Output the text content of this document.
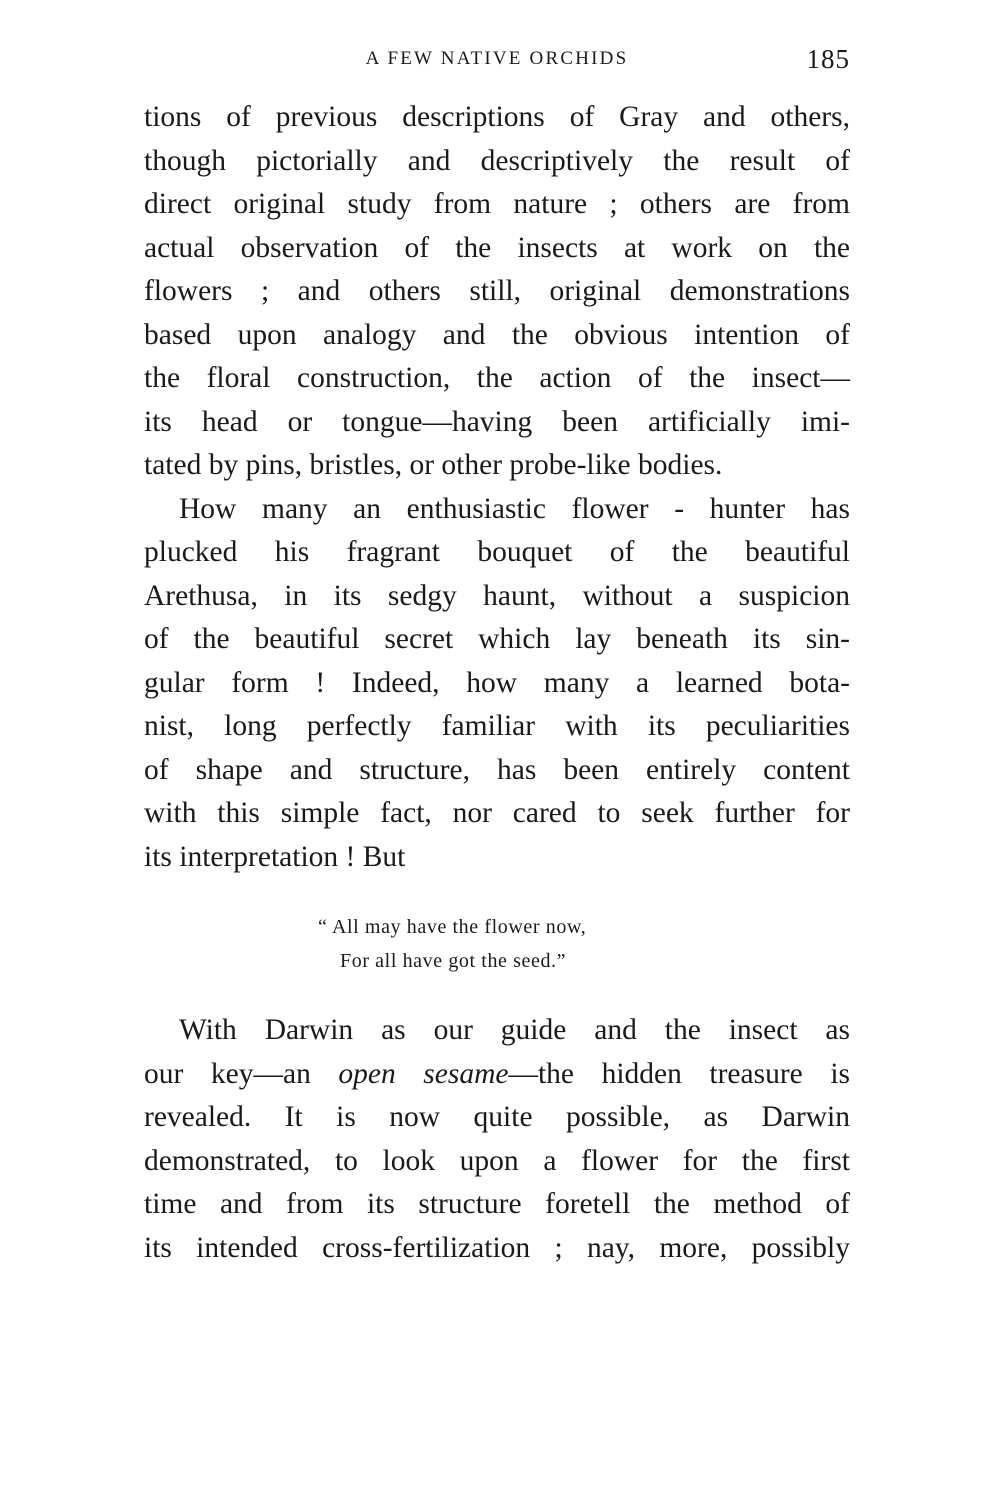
A FEW NATIVE ORCHIDS	185
tions of previous descriptions of Gray and others,
though pictorially and descriptively the result of
direct original study from nature ; others are from
actual observation of the insects at work on the
flowers ; and others still, original demonstrations
based upon analogy and the obvious intention of
the floral construction, the action of the insect—
its head or tongue—having been artificially imi-
tated by pins, bristles, or other probe-like bodies.
How many an enthusiastic flower - hunter has
plucked his fragrant bouquet of the beautiful
Arethusa, in its sedgy haunt, without a suspicion
of the beautiful secret which lay beneath its sin-
gular form ! Indeed, how many a learned bota-
nist, long perfectly familiar with its peculiarities
of shape and structure, has been entirely content
with this simple fact, nor cared to seek further for
its interpretation ! But
“ All may have the flower now,
For all have got the seed.”
With Darwin as our guide and the insect as
our key—an open sesame—the hidden treasure is
revealed. It is now quite possible, as Darwin
demonstrated, to look upon a flower for the first
time and from its structure foretell the method of
its intended cross-fertilization ; nay, more, possibly
